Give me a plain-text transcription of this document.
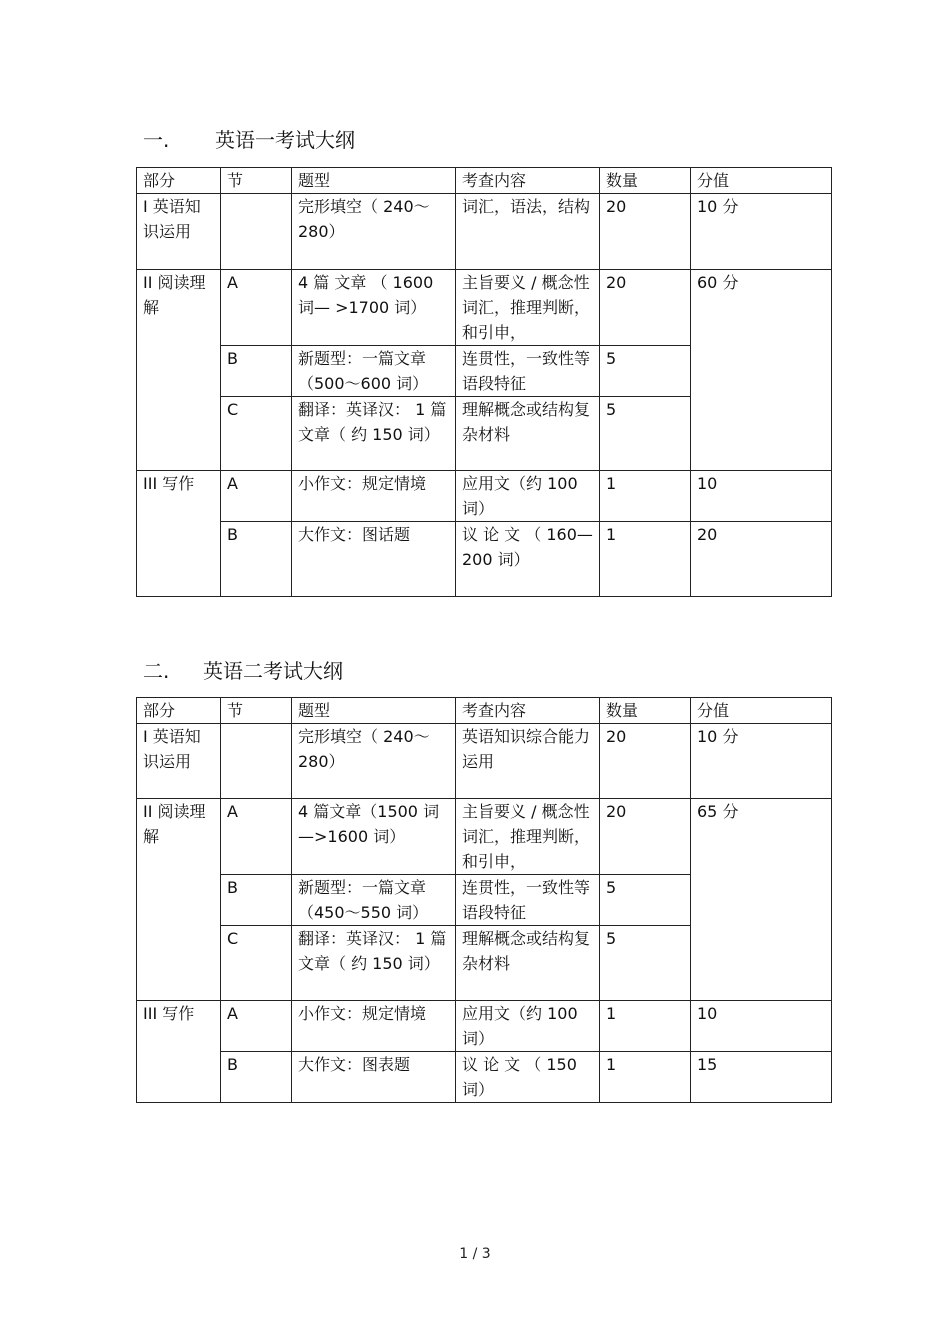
一. 英语一考试大纲
部分	节	题型	考查内容	数量	分值
I 英语知识运用		完形填空（ 240～280）	词汇，语法，结构	20	10 分
II 阅读理解	A	4 篇 文章 （ 1600 词— >1700 词）	主旨要义 / 概念性词汇，推理判断，和引申，	20	60 分
	B	新题型：一篇文章（500～600 词）	连贯性，一致性等语段特征	5	
	C	翻译：英译汉： 1 篇文章（ 约 150 词）	理解概念或结构复杂材料	5	
III 写作	A	小作文：规定情境	应用文（约 100 词）	1	10
	B	大作文：图话题	议 论 文 （ 160—200 词）	1	20
二. 英语二考试大纲
部分	节	题型	考查内容	数量	分值
I 英语知识运用		完形填空（ 240～280）	英语知识综合能力运用	20	10 分
II 阅读理解	A	4 篇文章（1500 词—>1600 词）	主旨要义 / 概念性词汇，推理判断，和引申，	20	65 分
	B	新题型：一篇文章（450～550 词）	连贯性，一致性等语段特征	5	
	C	翻译：英译汉： 1 篇文章（ 约 150 词）	理解概念或结构复杂材料	5	
III 写作	A	小作文：规定情境	应用文（约 100 词）	1	10
	B	大作文：图表题	议 论 文 （ 150 词）	1	15
1 / 3
